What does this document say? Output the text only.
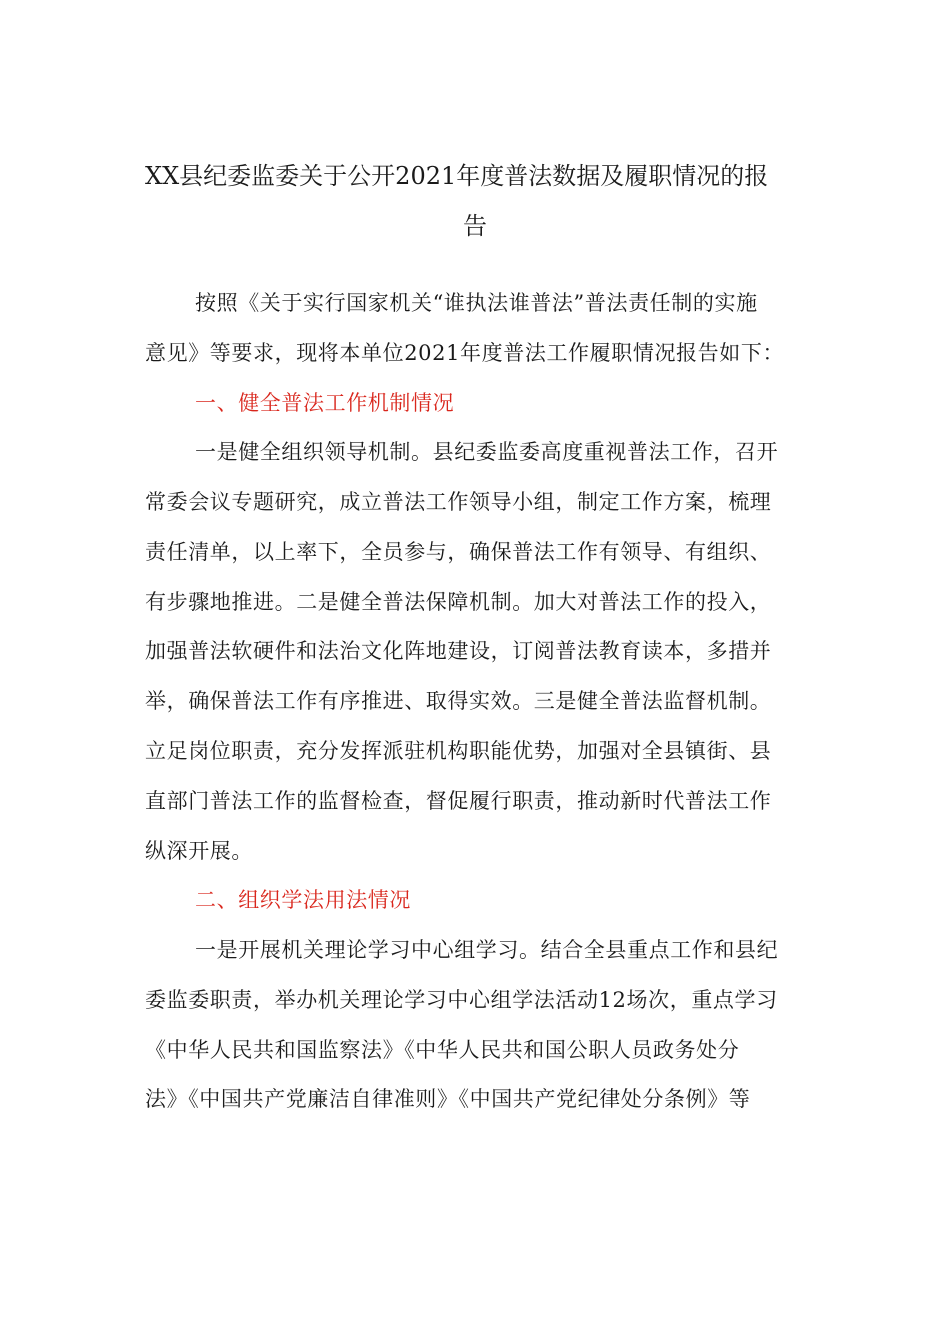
XX县纪委监委关于公开2021年度普法数据及履职情况的报
告
按照《关于实行国家机关“谁执法谁普法”普法责任制的实施
意见》等要求，现将本单位2021年度普法工作履职情况报告如下：
一、健全普法工作机制情况
一是健全组织领导机制。县纪委监委高度重视普法工作，召开
常委会议专题研究，成立普法工作领导小组，制定工作方案，梳理
责任清单，以上率下，全员参与，确保普法工作有领导、有组织、
有步骤地推进。二是健全普法保障机制。加大对普法工作的投入，
加强普法软硬件和法治文化阵地建设，订阅普法教育读本，多措并
举，确保普法工作有序推进、取得实效。三是健全普法监督机制。
立足岗位职责，充分发挥派驻机构职能优势，加强对全县镇街、县
直部门普法工作的监督检查，督促履行职责，推动新时代普法工作
纵深开展。
二、组织学法用法情况
一是开展机关理论学习中心组学习。结合全县重点工作和县纪
委监委职责，举办机关理论学习中心组学法活动12场次，重点学习
《中华人民共和国监察法》《中华人民共和国公职人员政务处分
法》《中国共产党廉洁自律准则》《中国共产党纪律处分条例》等
